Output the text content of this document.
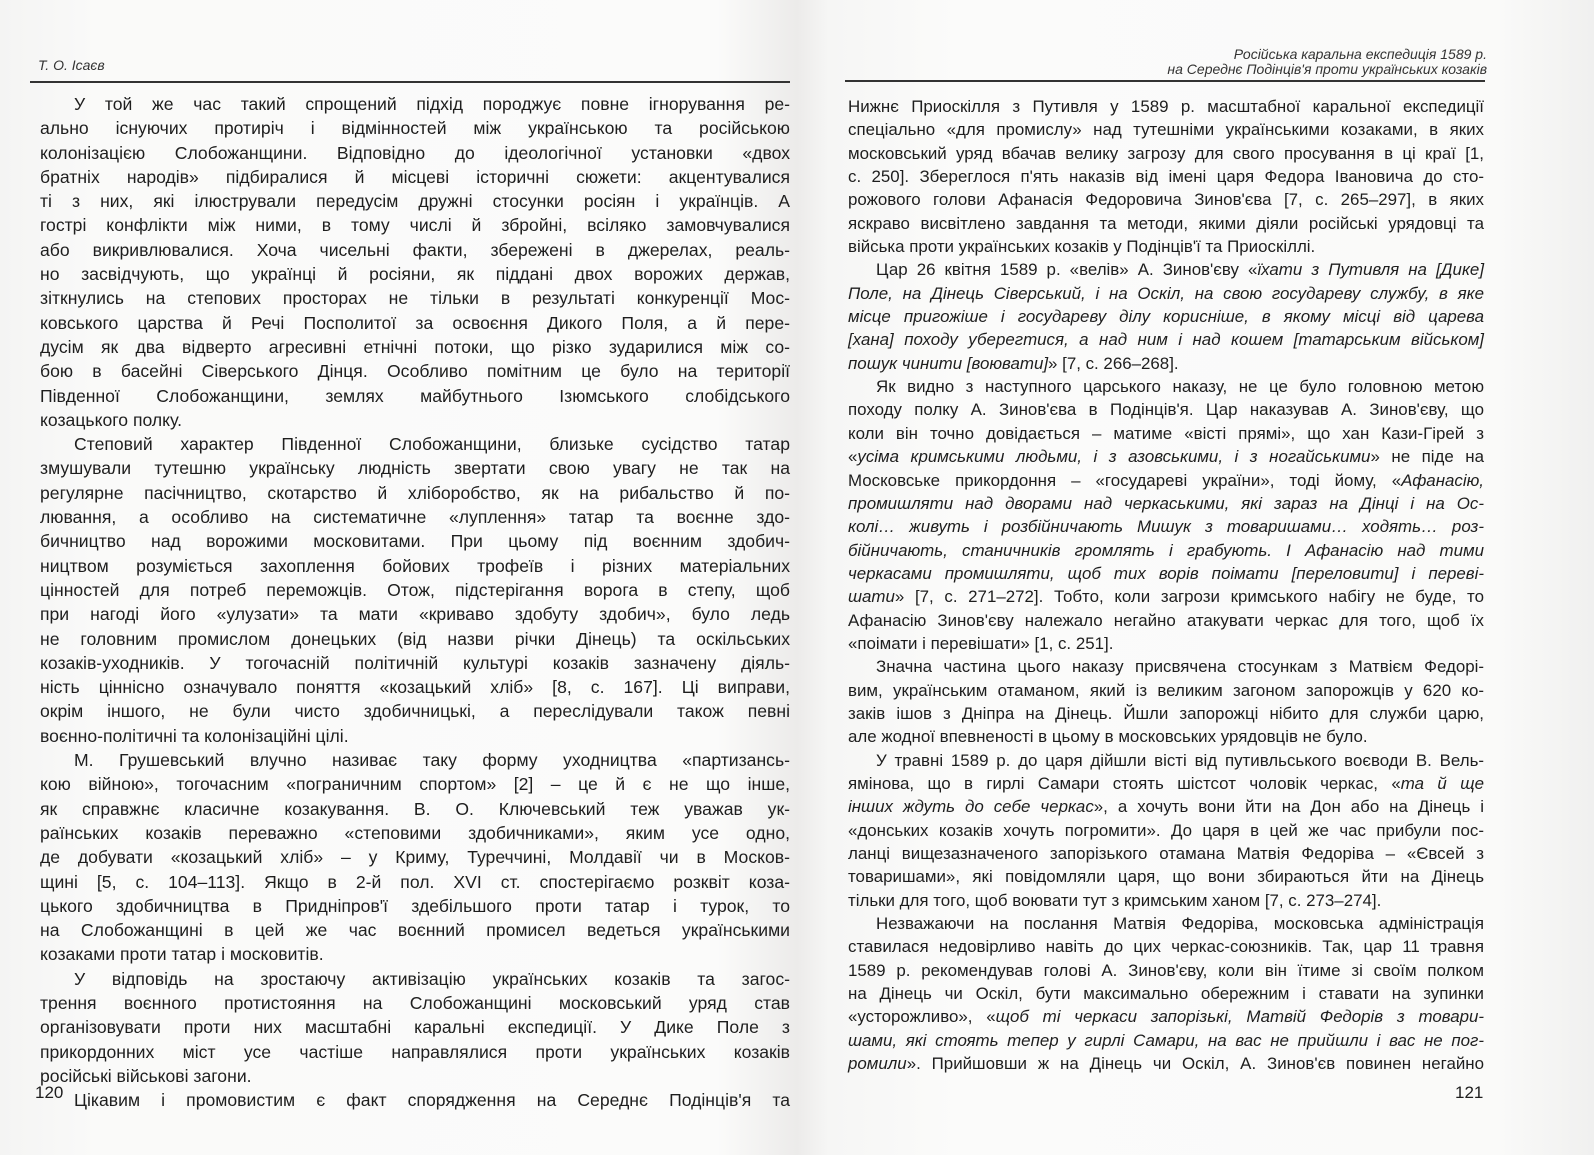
Т. О. Ісаєв
У той же час такий спрощений підхід породжує повне ігнорування ре-
ально існуючих протиріч і відмінностей між українською та російською
колонізацією Слобожанщини. Відповідно до ідеологічної установки «двох
братніх народів» підбиралися й місцеві історичні сюжети: акцентувалися
ті з них, які ілюстрували передусім дружні стосунки росіян і українців. А
гострі конфлікти між ними, в тому числі й збройні, всіляко замовчувалися
або викривлювалися. Хоча чисельні факти, збережені в джерелах, реаль-
но засвідчують, що українці й росіяни, як піддані двох ворожих держав,
зіткнулись на степових просторах не тільки в результаті конкуренції Мос-
ковського царства й Речі Посполитої за освоєння Дикого Поля, а й пере-
дусім як два відверто агресивні етнічні потоки, що різко зударилися між со-
бою в басейні Сіверського Дінця. Особливо помітним це було на території
Південної Слобожанщини, землях майбутнього Ізюмського слобідського
козацького полку.
Степовий характер Південної Слобожанщини, близьке сусідство татар
змушували тутешню українську людність звертати свою увагу не так на
регулярне пасічництво, скотарство й хліборобство, як на рибальство й по-
лювання, а особливо на систематичне «луплення» татар та воєнне здо-
бичництво над ворожими московитами. При цьому під воєнним здобич-
ництвом розуміється захоплення бойових трофеїв і різних матеріальних
цінностей для потреб переможців. Отож, підстерігання ворога в степу, щоб
при нагоді його «улузати» та мати «криваво здобуту здобич», було ледь
не головним промислом донецьких (від назви річки Дінець) та оскільських
козаків-уходників. У тогочасній політичній культурі козаків зазначену діяль-
ність ціннісно означувало поняття «козацький хліб» [8, с. 167]. Ці виправи,
окрім іншого, не були чисто здобичницькі, а переслідували також певні
воєнно-політичні та колонізаційні цілі.
М. Грушевський влучно називає таку форму уходництва «партизансь-
кою війною», тогочасним «пограничним спортом» [2] – це й є не що інше,
як справжнє класичне козакування. В. О. Ключевський теж уважав ук-
раїнських козаків переважно «степовими здобичниками», яким усе одно,
де добувати «козацький хліб» – у Криму, Туреччині, Молдавії чи в Москов-
щині [5, с. 104–113]. Якщо в 2-й пол. XVI ст. спостерігаємо розквіт коза-
цького здобичництва в Придніпров'ї здебільшого проти татар і турок, то
на Слобожанщині в цей же час воєнний промисел ведеться українськими
козаками проти татар і московитів.
У відповідь на зростаючу активізацію українських козаків та загос-
трення воєнного протистояння на Слобожанщині московський уряд став
організовувати проти них масштабні каральні експедиції. У Дике Поле з
прикордонних міст усе частіше направлялися проти українських козаків
російські військові загони.
Цікавим і промовистим є факт спорядження на Середнє Подінців'я та
120
Російська каральна експедиція 1589 р.
на Середнє Подінців'я проти українських козаків
Нижнє Приоскілля з Путивля у 1589 р. масштабної каральної експедиції
спеціально «для промислу» над тутешніми українськими козаками, в яких
московський уряд вбачав велику загрозу для свого просування в ці краї [1,
с. 250]. Збереглося п'ять наказів від імені царя Федора Івановича до сто-
рожового голови Афанасія Федоровича Зинов'єва [7, с. 265–297], в яких
яскраво висвітлено завдання та методи, якими діяли російські урядовці та
війська проти українських козаків у Подінців'ї та Приоскіллі.
Цар 26 квітня 1589 р. «велів» А. Зинов'єву «їхати з Путивля на [Дике]
Поле, на Дінець Сіверський, і на Оскіл, на свою государеву службу, в яке
місце пригожіше і государеву ділу корисніше, в якому місці від царева
[хана] походу уберегтися, а над ним і над кошем [татарським військом]
пошук чинити [воювати]» [7, с. 266–268].
Як видно з наступного царського наказу, не це було головною метою
походу полку А. Зинов'єва в Подінців'я. Цар наказував А. Зинов'єву, що
коли він точно довідається – матиме «вісті прямі», що хан Кази-Гірей з
«усіма кримськими людьми, і з азовськими, і з ногайськими» не піде на
Московське прикордоння – «государеві україни», тоді йому, «Афанасію,
промишляти над дворами над черкаськими, які зараз на Дінці і на Ос-
колі… живуть і розбійничають Мишук з товаришами… ходять… роз-
бійничають, станичників громлять і грабують. І Афанасію над тими
черкасами промишляти, щоб тих ворів поімати [переловити] і переві-
шати» [7, с. 271–272]. Тобто, коли загрози кримського набігу не буде, то
Афанасію Зинов'єву належало негайно атакувати черкас для того, щоб їх
«поімати і перевішати» [1, с. 251].
Значна частина цього наказу присвячена стосункам з Матвієм Федорі-
вим, українським отаманом, який із великим загоном запорожців у 620 ко-
заків ішов з Дніпра на Дінець. Йшли запорожці нібито для служби царю,
але жодної впевненості в цьому в московських урядовців не було.
У травні 1589 р. до царя дійшли вісті від путивльського воєводи В. Вель-
ямінова, що в гирлі Самари стоять шістсот чоловік черкас, «та й ще
інших ждуть до себе черкас», а хочуть вони йти на Дон або на Дінець і
«донських козаків хочуть погромити». До царя в цей же час прибули пос-
ланці вищезазначеного запорізького отамана Матвія Федоріва – «Євсей з
товаришами», які повідомляли царя, що вони збираються йти на Дінець
тільки для того, щоб воювати тут з кримським ханом [7, с. 273–274].
Незважаючи на послання Матвія Федоріва, московська адміністрація
ставилася недовірливо навіть до цих черкас-союзників. Так, цар 11 травня
1589 р. рекомендував голові А. Зинов'єву, коли він їтиме зі своїм полком
на Дінець чи Оскіл, бути максимально обережним і ставати на зупинки
«усторожливо», «щоб ті черкаси запорізькі, Матвій Федорів з товари-
шами, які стоять тепер у гирлі Самари, на вас не прийшли і вас не пог-
ромили». Прийшовши ж на Дінець чи Оскіл, А. Зинов'єв повинен негайно
121
